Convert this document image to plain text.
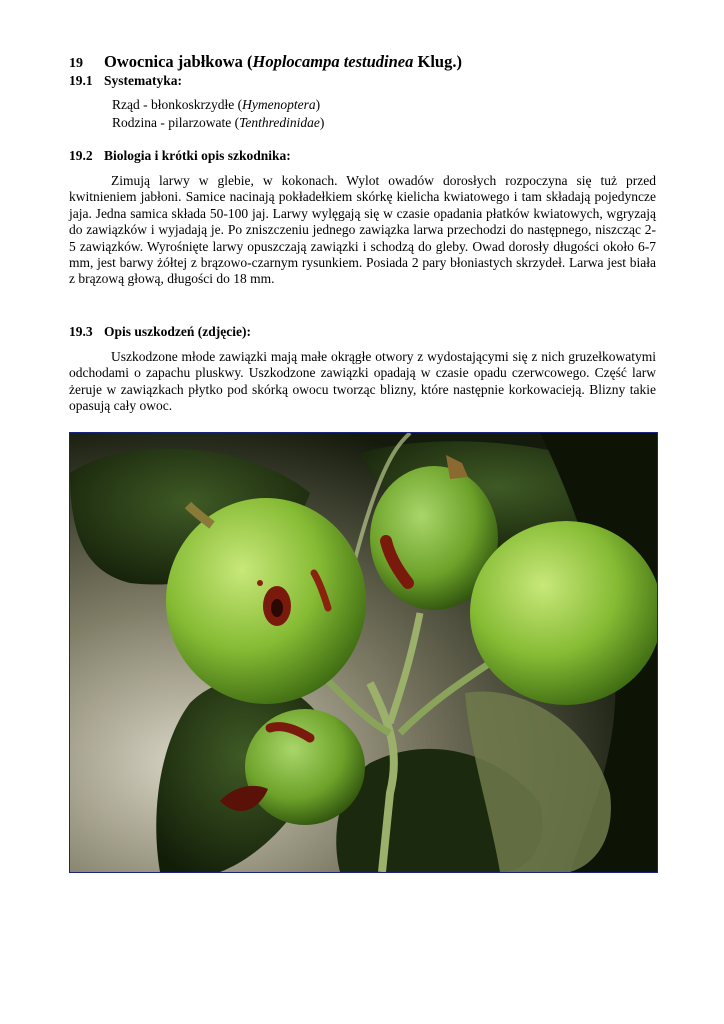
19 Owocnica jabłkowa (Hoplocampa testudinea Klug.)
19.1 Systematyka:
Rząd - błonkoskrzydłe (Hymenoptera)
Rodzina - pilarzowate (Tenthredinidae)
19.2 Biologia i krótki opis szkodnika:
Zimują larwy w glebie, w kokonach. Wylot owadów dorosłych rozpoczyna się tuż przed kwitnieniem jabłoni. Samice nacinają pokładełkiem skórkę kielicha kwiatowego i tam składają pojedyncze jaja. Jedna samica składa 50-100 jaj. Larwy wylęgają się w czasie opadania płatków kwiatowych, wgryzają do zawiązków i wyjadają je. Po zniszczeniu jednego zawiązka larwa przechodzi do następnego, niszcząc 2-5 zawiązków. Wyrośnięte larwy opuszczają zawiązki i schodzą do gleby. Owad dorosły długości około 6-7 mm, jest barwy żółtej z brązowo-czarnym rysunkiem. Posiada 2 pary błoniastych skrzydeł. Larwa jest biała z brązową głową, długości do 18 mm.
19.3 Opis uszkodzeń (zdjęcie):
Uszkodzone młode zawiązki mają małe okrągłe otwory z wydostającymi się z nich gruzełkowatymi odchodami o zapachu pluskwy. Uszkodzone zawiązki opadają w czasie opadu czerwcowego. Część larw żeruje w zawiązkach płytko pod skórką owocu tworząc blizny, które następnie korkowacieją. Blizny takie opasują cały owoc.
